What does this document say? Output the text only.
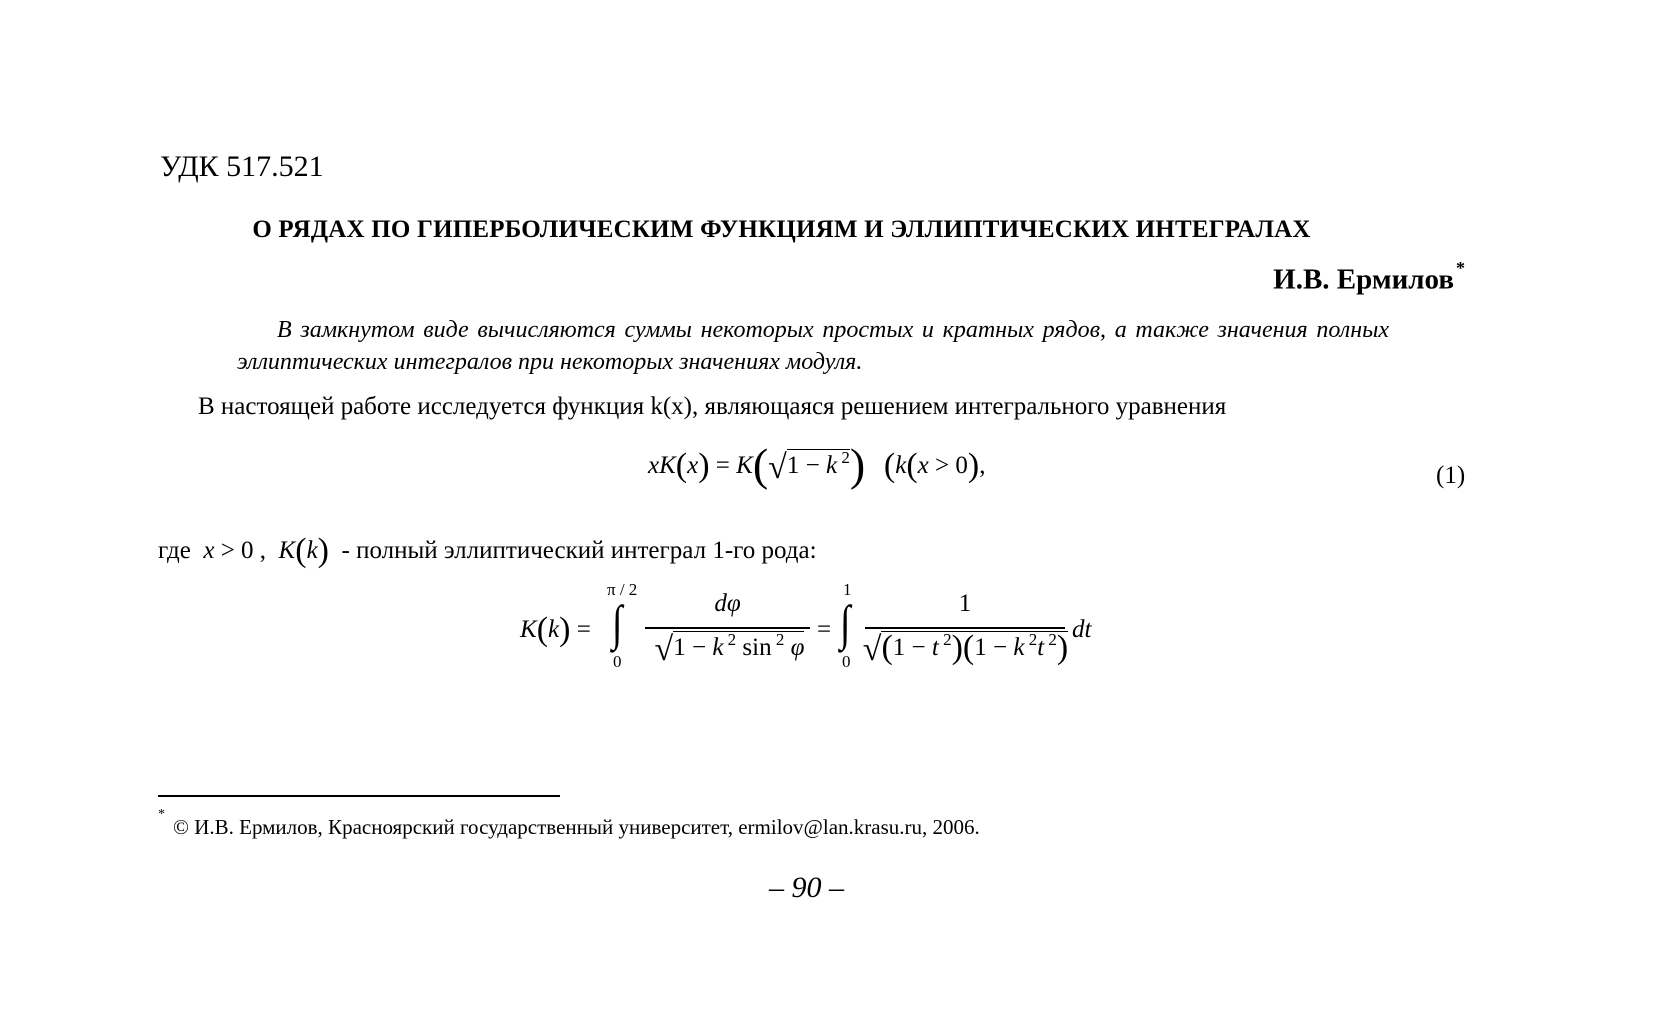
УДК 517.521
О РЯДАХ ПО ГИПЕРБОЛИЧЕСКИМ ФУНКЦИЯМ И ЭЛЛИПТИЧЕСКИХ ИНТЕГРАЛАХ
И.В. Ермилов *
В замкнутом виде вычисляются суммы некоторых простых и кратных рядов, а также значения полных эллиптических интегралов при некоторых значениях модуля.
В настоящей работе исследуется функция k(x), являющаяся решением интегрального уравнения
xK(x) = K(√1 − k $^2$) (k(x > 0),	(1)
где x > 0 ,  K(k) - полный эллиптический интеграл 1-го рода:
K(k) =
π / 2
∫
0
dφ
√1 − k $^2$ sin $^2$ φ
=
1
∫
0
1
√(1 − t $^2$)(1 − k $^2$t $^2$) dt
*© И.В. Ермилов, Красноярский государственный университет, ermilov@lan.krasu.ru, 2006.
– 90 –
